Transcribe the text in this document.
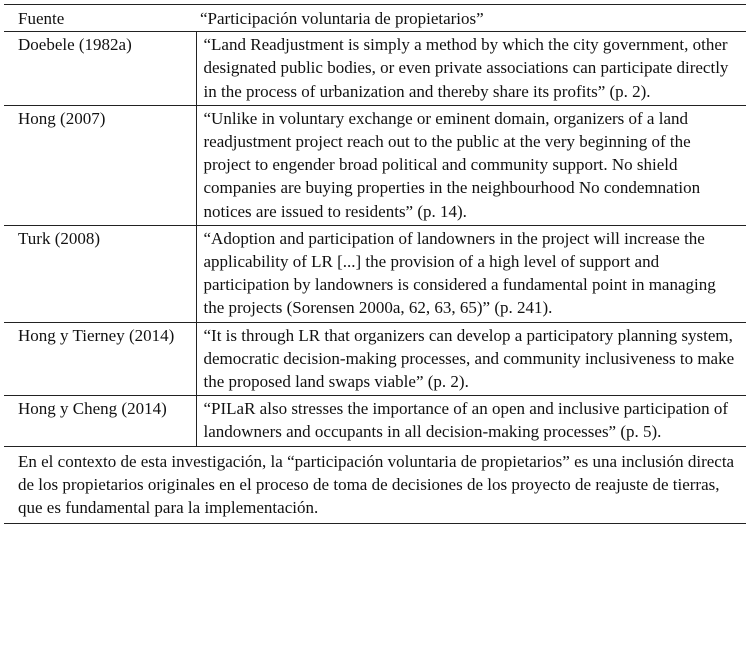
Fuente	“Participación voluntaria de propietarios”
Doebele (1982a)	“Land Readjustment is simply a method by which the city government, other designated public bodies, or even private associations can participate directly in the process of urbanization and thereby share its profits” (p. 2).
Hong (2007)	“Unlike in voluntary exchange or eminent domain, organizers of a land readjustment project reach out to the public at the very beginning of the project to engender broad political and community support. No shield companies are buying properties in the neighbourhood No condemnation notices are issued to residents” (p. 14).
Turk (2008)	“Adoption and participation of landowners in the project will increase the applicability of LR [...] the provision of a high level of support and participation by landowners is considered a fundamental point in managing the projects (Sorensen 2000a, 62, 63, 65)” (p. 241).
Hong y Tierney (2014)	“It is through LR that organizers can develop a participatory planning system, democratic decision-making processes, and community inclusiveness to make the proposed land swaps viable” (p. 2).
Hong y Cheng (2014)	“PILaR also stresses the importance of an open and inclusive participation of landowners and occupants in all decision-making processes” (p. 5).
En el contexto de esta investigación, la “participación voluntaria de propietarios” es una inclusión directa de los propietarios originales en el proceso de toma de decisiones de los proyecto de reajuste de tierras, que es fundamental para la implementación.	
